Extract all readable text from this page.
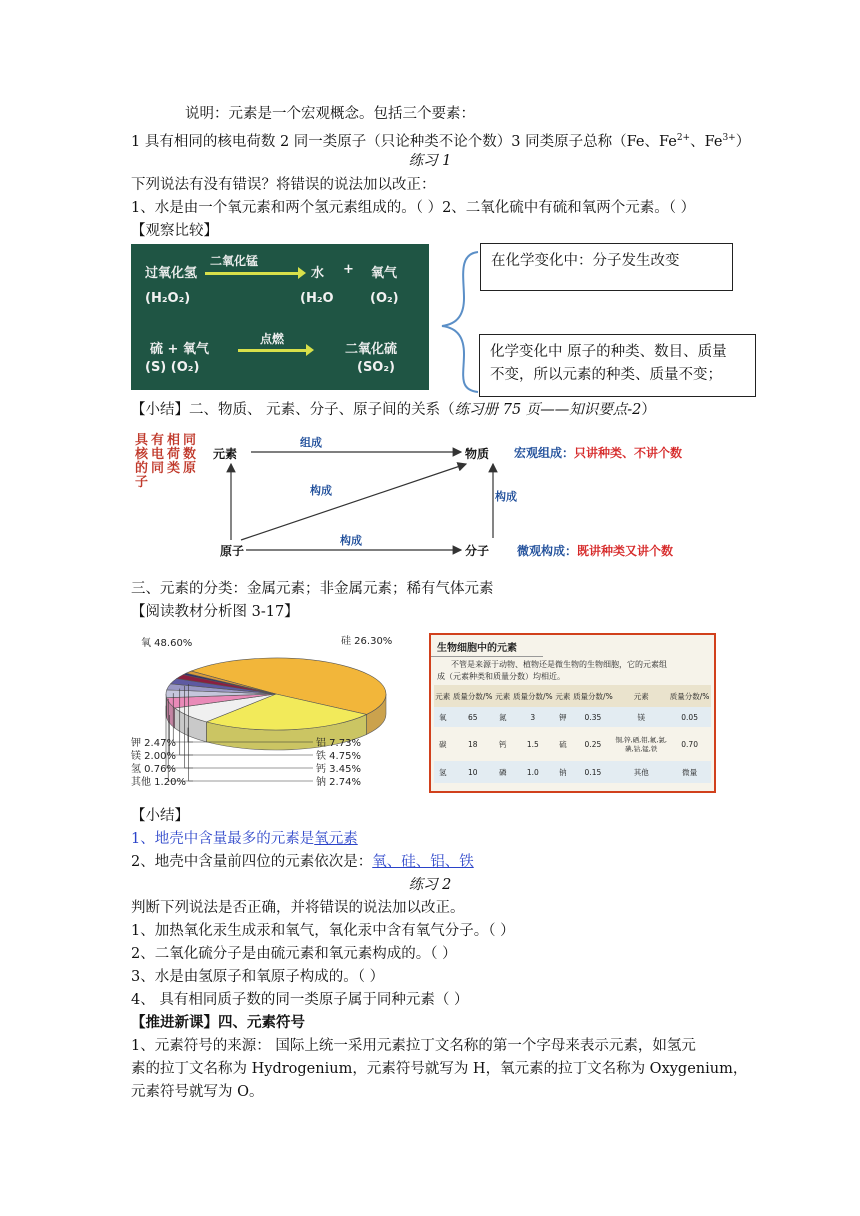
说明：元素是一个宏观概念。包括三个要素：
1 具有相同的核电荷数 2 同一类原子（只论种类不论个数）3 同类原子总称（Fe、$Fe^{2+}$、$Fe^{3+}$）
练习 1
下列说法有没有错误？将错误的说法加以改正：
1、水是由一个氧元素和两个氢元素组成的。（ ）2、二氧化硫中有硫和氧两个元素。（ ）
【观察比较】
过氧化氢
二氧化锰
水 + 氧气
(H₂O₂)	(H₂O	(O₂)
硫 + 氧气
点燃
二氧化硫
(S) (O₂)	(SO₂)
在化学变化中：分子发生改变
化学变化中 原子的种类、数目、质量
不变，所以元素的种类、质量不变；
【小结】二、物质、 元素、分子、原子间的关系（练习册 75 页——知识要点-2）
具有相同
核电荷数
的同类原
子
元素	物质
原子	分子
组成
构成	构成
构成
宏观组成：只讲种类、不讲个数
微观构成：既讲种类又讲个数
三、元素的分类：金属元素；非金属元素；稀有气体元素
【阅读教材分析图 3-17】
氧 48.60%	硅 26.30%
铝 7.73%
铁 4.75%
钙 3.45%
钠 2.74%
钾 2.47%
镁 2.00%
氢 0.76%
其他 1.20%
生物细胞中的元素
不管是来源于动物、植物还是微生物的生物细胞，它的元素组
成（元素种类和质量分数）均相近。
元素	质量分数/%	元素	质量分数/%	元素	质量分数/%	元素	质量分数/%
氧	65	氮	3	钾	0.35	镁	0.05
碳	18	钙	1.5	硫	0.25	铜,锌,硒,钼,氟,氯,碘,钴,锰,铁	0.70
氢	10	磷	1.0	钠	0.15	其他	微量
【小结】
1、地壳中含量最多的元素是氧元素
2、地壳中含量前四位的元素依次是：氧、硅、铝、铁
练习 2
判断下列说法是否正确，并将错误的说法加以改正。
1、加热氧化汞生成汞和氧气，氧化汞中含有氧气分子。（ ）
2、二氧化硫分子是由硫元素和氧元素构成的。（ ）
3、水是由氢原子和氧原子构成的。（ ）
4、 具有相同质子数的同一类原子属于同种元素（ ）
【推进新课】四、元素符号
1、元素符号的来源： 国际上统一采用元素拉丁文名称的第一个字母来表示元素，如氢元
素的拉丁文名称为 Hydrogenium，元素符号就写为 H，氧元素的拉丁文名称为 Oxygenium，
元素符号就写为 O。
